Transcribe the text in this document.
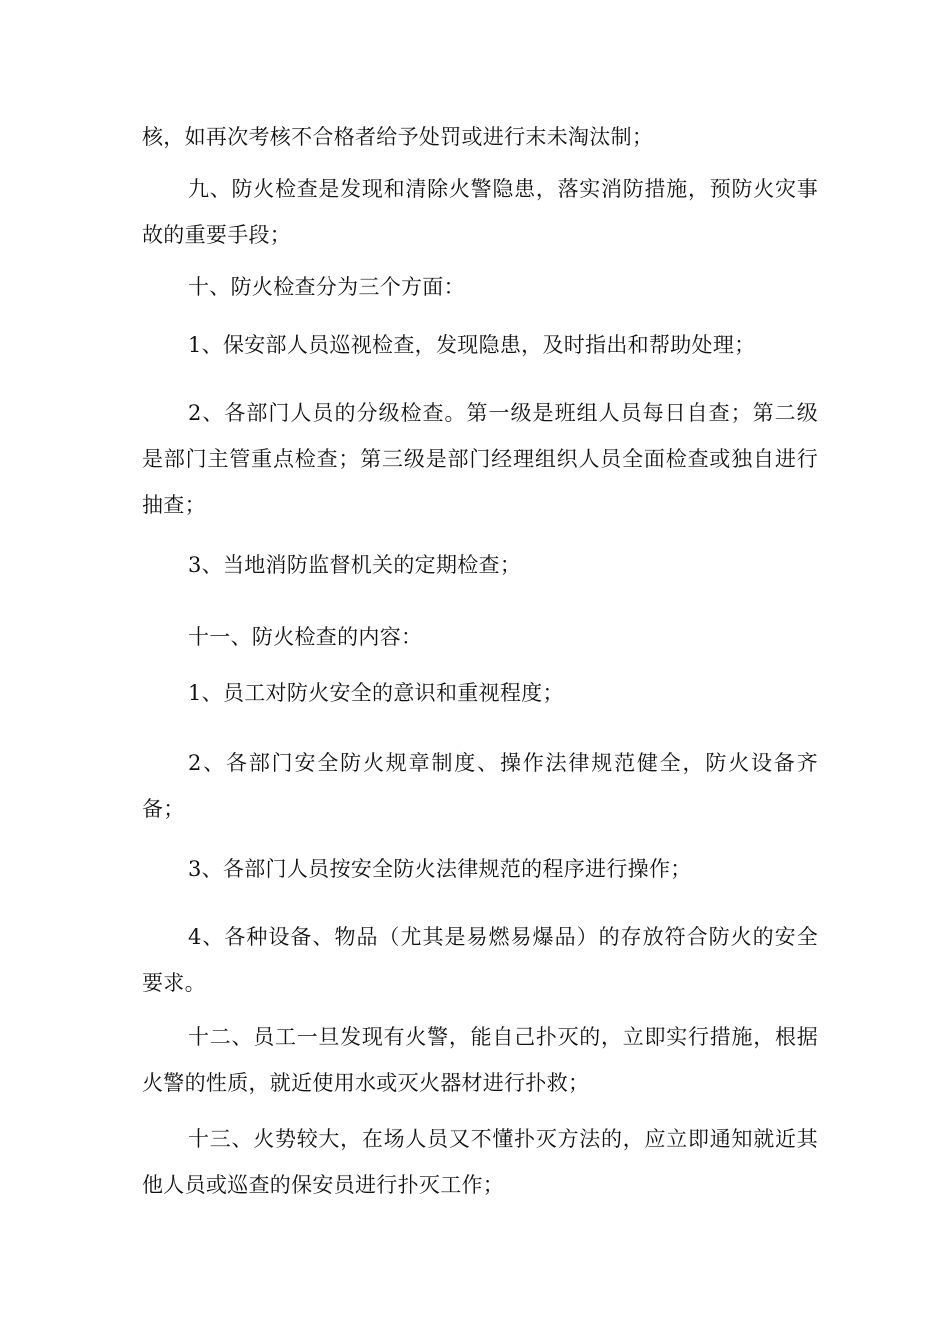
核，如再次考核不合格者给予处罚或进行末未淘汰制；

九、防火检查是发现和清除火警隐患，落实消防措施，预防火灾事故的重要手段；

十、防火检查分为三个方面：

1、保安部人员巡视检查，发现隐患，及时指出和帮助处理；

2、各部门人员的分级检查。第一级是班组人员每日自查；第二级是部门主管重点检查；第三级是部门经理组织人员全面检查或独自进行抽查；

3、当地消防监督机关的定期检查；

十一、防火检查的内容：

1、员工对防火安全的意识和重视程度；

2、各部门安全防火规章制度、操作法律规范健全，防火设备齐备；

3、各部门人员按安全防火法律规范的程序进行操作；

4、各种设备、物品（尤其是易燃易爆品）的存放符合防火的安全要求。

十二、员工一旦发现有火警，能自己扑灭的，立即实行措施，根据火警的性质，就近使用水或灭火器材进行扑救；

十三、火势较大，在场人员又不懂扑灭方法的，应立即通知就近其他人员或巡查的保安员进行扑灭工作；
